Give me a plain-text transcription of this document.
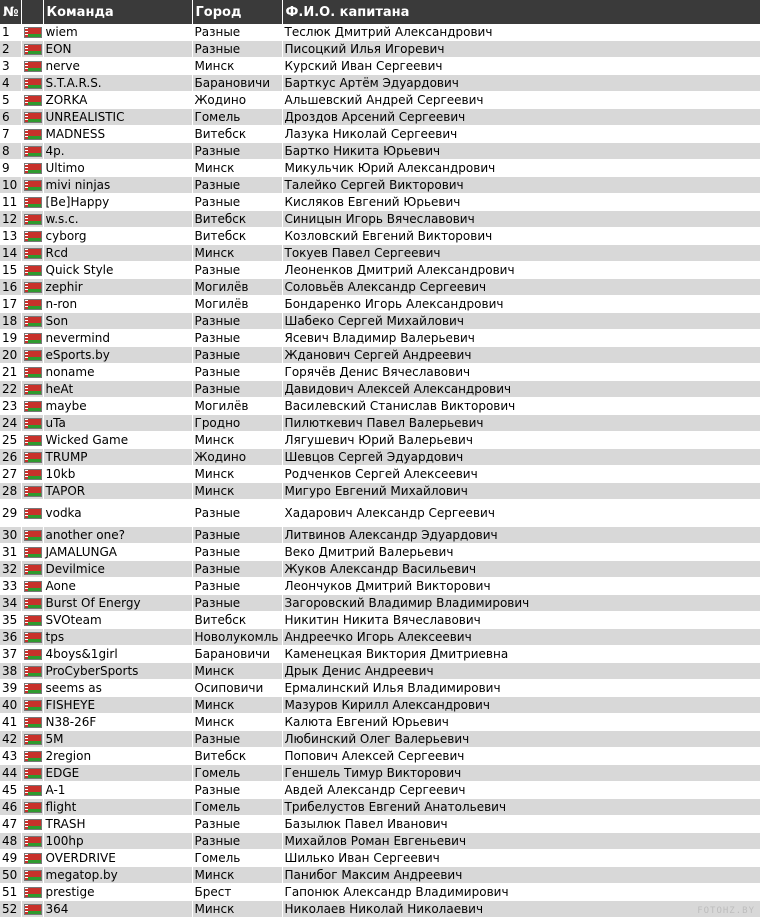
№		Команда	Город	Ф.И.О. капитана
1		wiem	Разные	Теслюк Дмитрий Александрович
2		EON	Разные	Писоцкий Илья Игоревич
3		nerve	Минск	Курский Иван Сергеевич
4		S.T.A.R.S.	Барановичи	Барткус Артём Эдуардович
5		ZORKA	Жодино	Альшевский Андрей Сергеевич
6		UNREALISTIC	Гомель	Дроздов Арсений Сергеевич
7		MADNESS	Витебск	Лазука Николай Сергеевич
8		4p.	Разные	Бартко Никита Юрьевич
9		Ultimo	Минск	Микульчик Юрий Александрович
10		mivi ninjas	Разные	Талейко Сергей Викторович
11		[Be]Happy	Разные	Кисляков Евгений Юрьевич
12		w.s.c.	Витебск	Синицын Игорь Вячеславович
13		cyborg	Витебск	Козловский Евгений Викторович
14		Rcd	Минск	Токуев Павел Сергеевич
15		Quick Style	Разные	Леоненков Дмитрий Александрович
16		zephir	Могилёв	Соловьёв Александр Сергеевич
17		n-ron	Могилёв	Бондаренко Игорь Александрович
18		Son	Разные	Шабеко Сергей Михайлович
19		nevermind	Разные	Ясевич Владимир Валерьевич
20		eSports.by	Разные	Жданович Сергей Андреевич
21		noname	Разные	Горячёв Денис Вячеславович
22		heAt	Разные	Давидович Алексей Александрович
23		maybe	Могилёв	Василевский Станислав Викторович
24		uTa	Гродно	Пилюткевич Павел Валерьевич
25		Wicked Game	Минск	Лягушевич Юрий Валерьевич
26		TRUMP	Жодино	Шевцов Сергей Эдуардович
27		10kb	Минск	Родченков Сергей Алексеевич
28		TAPOR	Минск	Мигуро Евгений Михайлович
29		vodka	Разные	Хадарович Александр Сергеевич
30		another one?	Разные	Литвинов Александр Эдуардович
31		JAMALUNGA	Разные	Веко Дмитрий Валерьевич
32		Devilmice	Разные	Жуков Александр Васильевич
33		Aone	Разные	Леончуков Дмитрий Викторович
34		Burst Of Energy	Разные	Загоровский Владимир Владимирович
35		SVOteam	Витебск	Никитин Никита Вячеславович
36		tps	Новолукомль	Андреечко Игорь Алексеевич
37		4boys&1girl	Барановичи	Каменецкая Виктория Дмитриевна
38		ProCyberSports	Минск	Дрык Денис Андреевич
39		seems as	Осиповичи	Ермалинский Илья Владимирович
40		FISHEYE	Минск	Мазуров Кирилл Александрович
41		N38-26F	Минск	Калюта Евгений Юрьевич
42		5M	Разные	Любинский Олег Валерьевич
43		2region	Витебск	Попович Алексей Сергеевич
44		EDGE	Гомель	Геншель Тимур Викторович
45		A-1	Разные	Авдей Александр Сергеевич
46		flight	Гомель	Трибелустов Евгений Анатольевич
47		TRASH	Разные	Базылюк Павел Иванович
48		100hp	Разные	Михайлов Роман Евгеньевич
49		OVERDRIVE	Гомель	Шилько Иван Сергеевич
50		megatop.by	Минск	Панибог Максим Андреевич
51		prestige	Брест	Гапонюк Александр Владимирович
52		364	Минск	Николаев Николай Николаевич	FOTOHZ.BY
